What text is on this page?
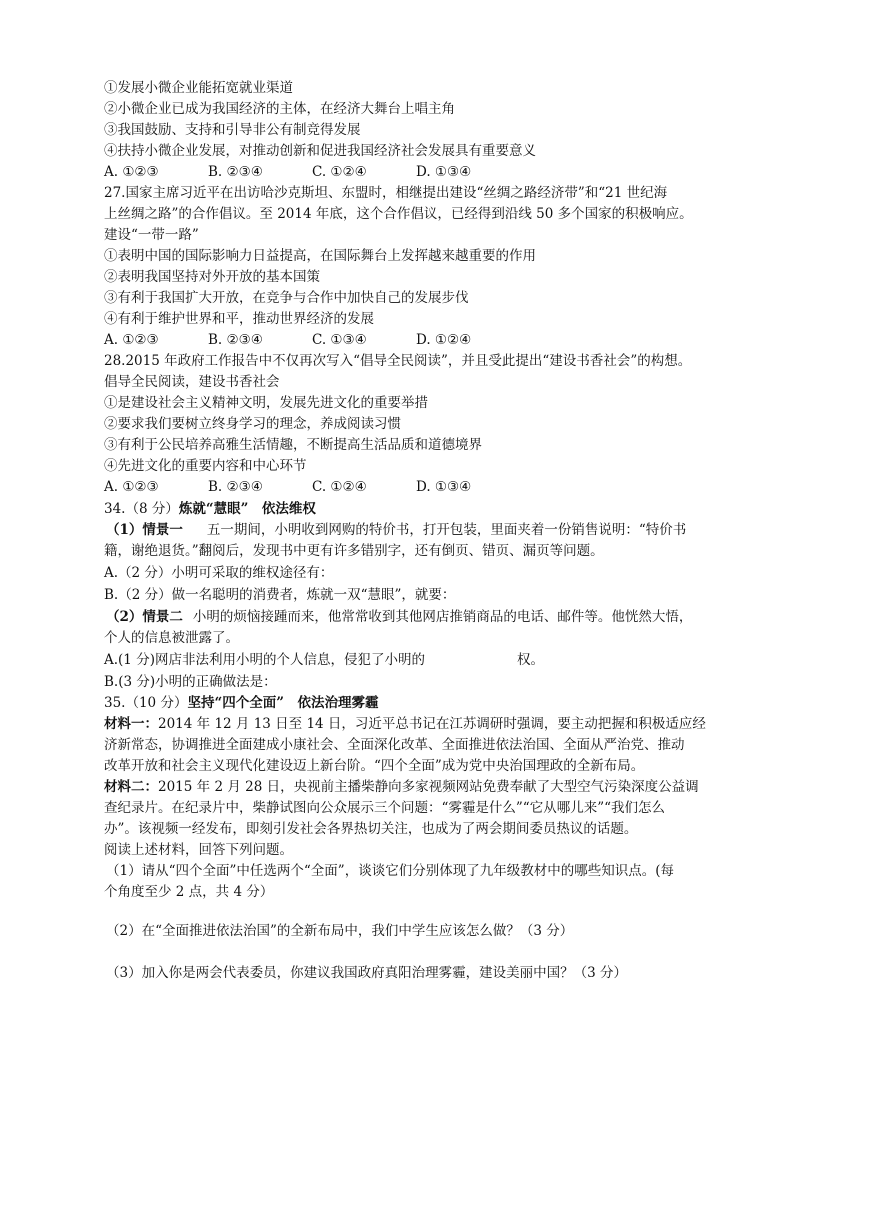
①发展小微企业能拓宽就业渠道
②小微企业已成为我国经济的主体，在经济大舞台上唱主角
③我国鼓励、支持和引导非公有制竞得发展
④扶持小微企业发展，对推动创新和促进我国经济社会发展具有重要意义
A. ①②③	B. ②③④	C. ①②④	D. ①③④
27.国家主席习近平在出访哈沙克斯坦、东盟时，相继提出建设“丝绸之路经济带”和“21 世纪海
上丝绸之路”的合作倡议。至 2014 年底，这个合作倡议，已经得到沿线 50 多个国家的积极响应。
建设“一带一路”
①表明中国的国际影响力日益提高，在国际舞台上发挥越来越重要的作用
②表明我国坚持对外开放的基本国策
③有利于我国扩大开放，在竞争与合作中加快自己的发展步伐
④有利于维护世界和平，推动世界经济的发展
A. ①②③	B. ②③④	C. ①③④	D. ①②④
28.2015 年政府工作报告中不仅再次写入“倡导全民阅读”，并且受此提出“建设书香社会”的构想。
倡导全民阅读，建设书香社会
①是建设社会主义精神文明，发展先进文化的重要举措
②要求我们要树立终身学习的理念，养成阅读习惯
③有利于公民培养高雅生活情趣，不断提高生活品质和道德境界
④先进文化的重要内容和中心环节
A. ①②③	B. ②③④	C. ①②④	D. ①③④
34.（8 分）炼就“慧眼”　依法维权
（1）情景一 五一期间，小明收到网购的特价书，打开包装，里面夹着一份销售说明：“特价书
籍，谢绝退货。”翻阅后，发现书中更有许多错别字，还有倒页、错页、漏页等问题。
A.（2 分）小明可采取的维权途径有：
B.（2 分）做一名聪明的消费者，炼就一双“慧眼”，就要：
（2）情景二 小明的烦恼接踵而来，他常常收到其他网店推销商品的电话、邮件等。他恍然大悟，
个人的信息被泄露了。
A.(1 分)网店非法利用小明的个人信息，侵犯了小明的	权。
B.(3 分)小明的正确做法是：
35.（10 分）坚持“四个全面”　依法治理雾霾
材料一：2014 年 12 月 13 日至 14 日，习近平总书记在江苏调研时强调，要主动把握和积极适应经
济新常态，协调推进全面建成小康社会、全面深化改革、全面推进依法治国、全面从严治党、推动
改革开放和社会主义现代化建设迈上新台阶。“四个全面”成为党中央治国理政的全新布局。
材料二：2015 年 2 月 28 日，央视前主播柴静向多家视频网站免费奉献了大型空气污染深度公益调
查纪录片。在纪录片中，柴静试图向公众展示三个问题：“雾霾是什么”“它从哪儿来”“我们怎么
办”。该视频一经发布，即刻引发社会各界热切关注，也成为了两会期间委员热议的话题。
阅读上述材料，回答下列问题。
（1）请从“四个全面”中任选两个“全面”，谈谈它们分别体现了九年级教材中的哪些知识点。(每
个角度至少 2 点，共 4 分）
（2）在“全面推进依法治国”的全新布局中，我们中学生应该怎么做？（3 分）
（3）加入你是两会代表委员，你建议我国政府真阳治理雾霾，建设美丽中国？（3 分）
